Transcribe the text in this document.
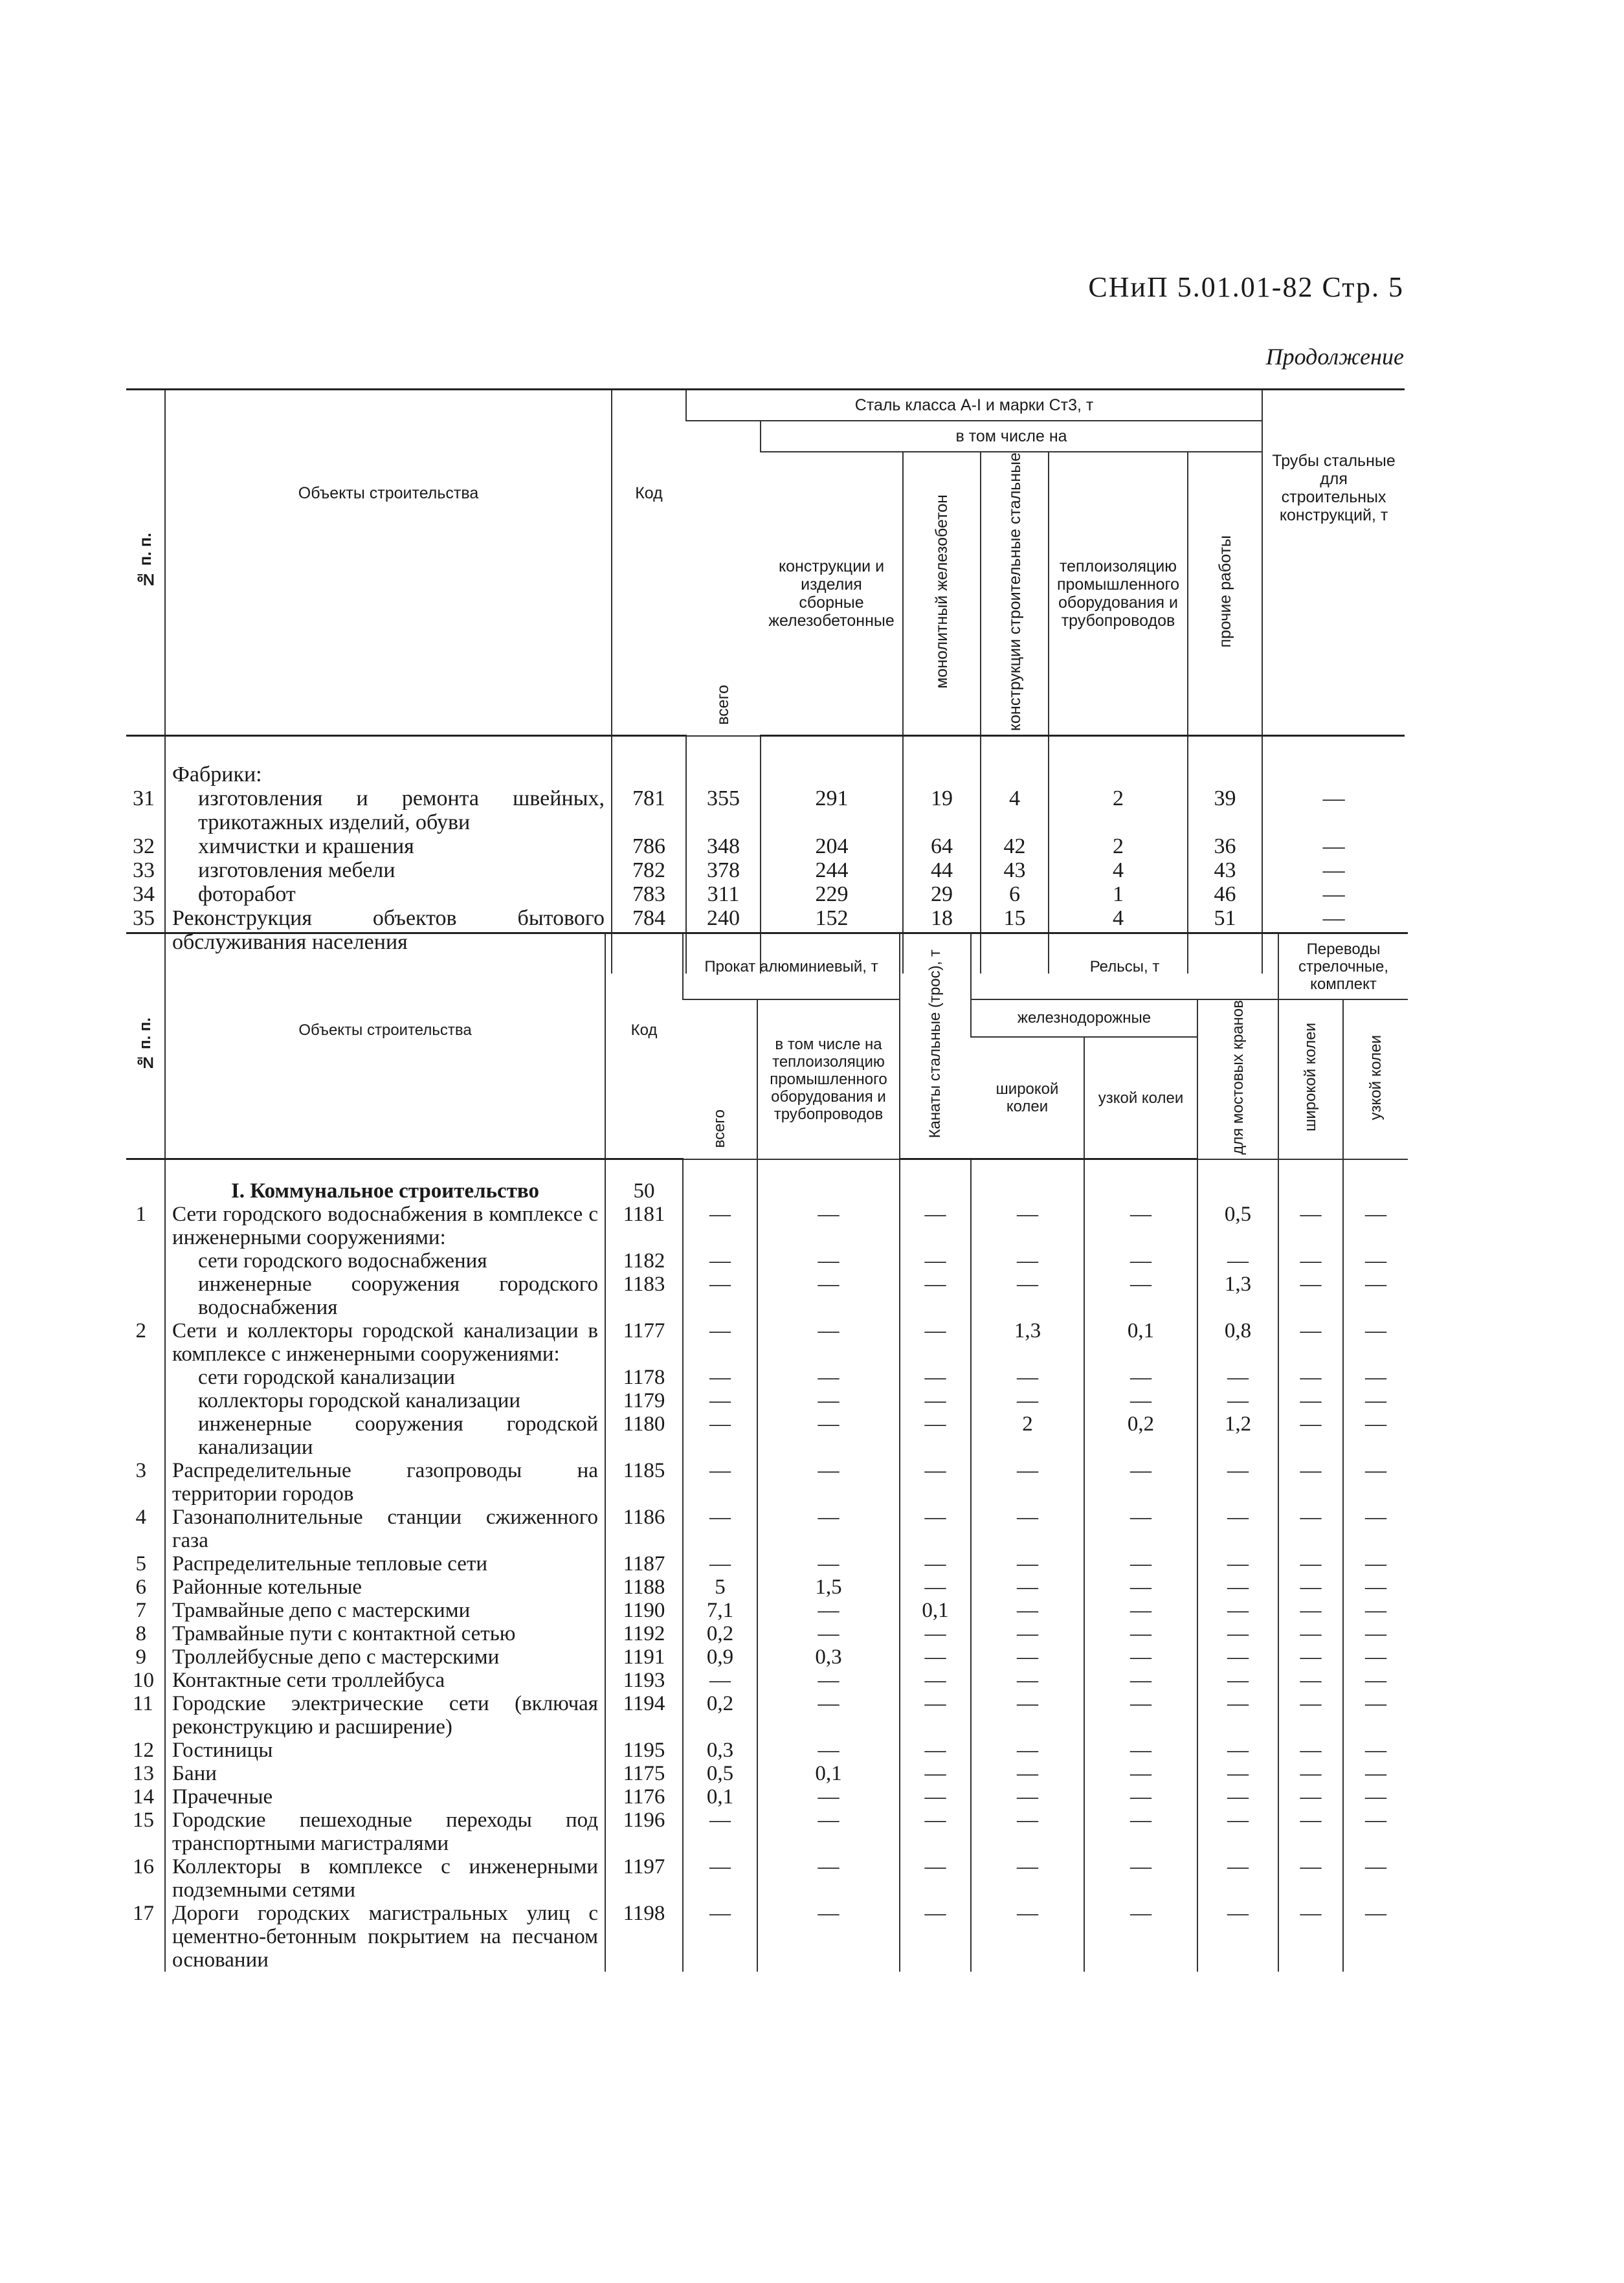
СНиП 5.01.01-82 Стр. 5
Продолжение
№ п. п.	Объекты строительства	Код	Сталь класса А-I и марки Ст3, т						Трубы стальные для строительных конструкций, т
			всего	в том числе на					
				конструкции и изделия сборные железобетонные	монолитный железобетон	конструкции строительные стальные	теплоизоляцию промышленного оборудования и трубопроводов	прочие работы	
	Фабрики:								
31	изготовления и ремонта швейных, трикотажных изделий, обуви	781	355	291	19	4	2	39	—
32	химчистки и крашения	786	348	204	64	42	2	36	—
33	изготовления мебели	782	378	244	44	43	4	43	—
34	фоторабот	783	311	229	29	6	1	46	—
35	Реконструкция объектов бытового обслуживания населения	784	240	152	18	15	4	51	—
№ п. п.	Объекты строительства	Код	Прокат алюминиевый, т		Канаты стальные (трос), т	Рельсы, т			Переводы стрелочные, комплект	
			всего	в том числе на теплоизоляцию промышленного оборудования и трубопроводов		железнодорожные		для мостовых кранов	широкой колеи	узкой колеи
						широкой колеи	узкой колеи			
	I. Коммунальное строительство	50								
1	Сети городского водоснабжения в комплексе с инженерными сооружениями:	1181	—	—	—	—	—	0,5	—	—
	сети городского водоснабжения	1182	—	—	—	—	—	—	—	—
	инженерные сооружения городского водоснабжения	1183	—	—	—	—	—	1,3	—	—
2	Сети и коллекторы городской канализации в комплексе с инженерными сооружениями:	1177	—	—	—	1,3	0,1	0,8	—	—
	сети городской канализации	1178	—	—	—	—	—	—	—	—
	коллекторы городской канализации	1179	—	—	—	—	—	—	—	—
	инженерные сооружения городской канализации	1180	—	—	—	2	0,2	1,2	—	—
3	Распределительные газопроводы на территории городов	1185	—	—	—	—	—	—	—	—
4	Газонаполнительные станции сжиженного газа	1186	—	—	—	—	—	—	—	—
5	Распределительные тепловые сети	1187	—	—	—	—	—	—	—	—
6	Районные котельные	1188	5	1,5	—	—	—	—	—	—
7	Трамвайные депо с мастерскими	1190	7,1	—	0,1	—	—	—	—	—
8	Трамвайные пути с контактной сетью	1192	0,2	—	—	—	—	—	—	—
9	Троллейбусные депо с мастерскими	1191	0,9	0,3	—	—	—	—	—	—
10	Контактные сети троллейбуса	1193	—	—	—	—	—	—	—	—
11	Городские электрические сети (включая реконструкцию и расширение)	1194	0,2	—	—	—	—	—	—	—
12	Гостиницы	1195	0,3	—	—	—	—	—	—	—
13	Бани	1175	0,5	0,1	—	—	—	—	—	—
14	Прачечные	1176	0,1	—	—	—	—	—	—	—
15	Городские пешеходные переходы под транспортными магистралями	1196	—	—	—	—	—	—	—	—
16	Коллекторы в комплексе с инженерными подземными сетями	1197	—	—	—	—	—	—	—	—
17	Дороги городских магистральных улиц с цементно-бетонным покрытием на песчаном основании	1198	—	—	—	—	—	—	—	—
